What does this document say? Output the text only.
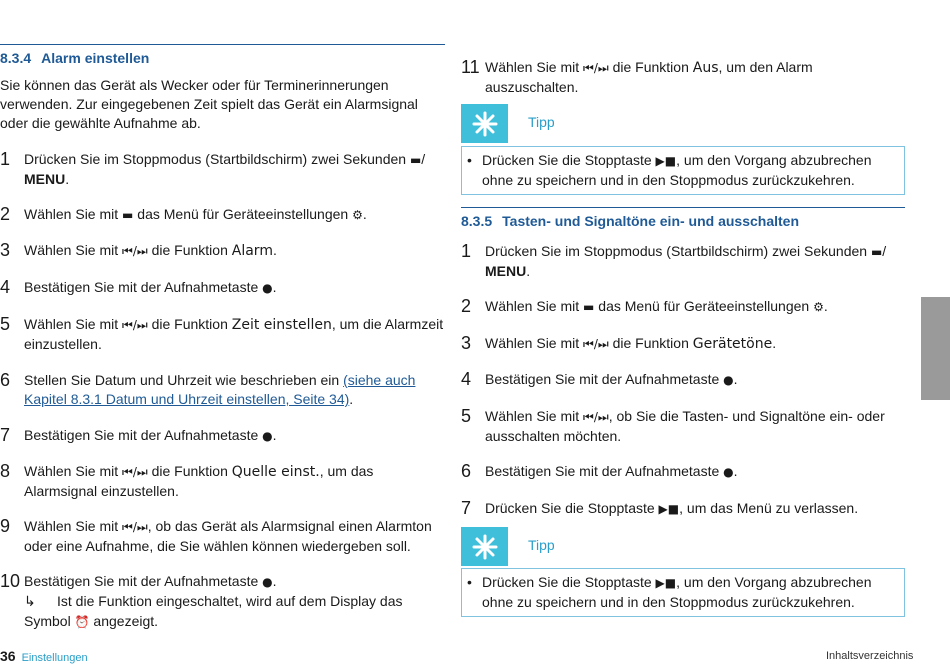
8.3.4 Alarm einstellen
Sie können das Gerät als Wecker oder für Terminerinnerungen verwenden. Zur eingegebenen Zeit spielt das Gerät ein Alarmsignal oder die gewählte Aufnahme ab.
1 Drücken Sie im Stoppmodus (Startbildschirm) zwei Sekunden ▬/ MENU.
2 Wählen Sie mit ▬ das Menü für Geräteeinstellungen ⚙.
3 Wählen Sie mit ⏮/⏭ die Funktion Alarm.
4 Bestätigen Sie mit der Aufnahmetaste ●.
5 Wählen Sie mit ⏮/⏭ die Funktion Zeit einstellen, um die Alarmzeit einzustellen.
6 Stellen Sie Datum und Uhrzeit wie beschrieben ein (siehe auch Kapitel 8.3.1 Datum und Uhrzeit einstellen, Seite 34).
7 Bestätigen Sie mit der Aufnahmetaste ●.
8 Wählen Sie mit ⏮/⏭ die Funktion Quelle einst., um das Alarmsignal einzustellen.
9 Wählen Sie mit ⏮/⏭, ob das Gerät als Alarmsignal einen Alarmton oder eine Aufnahme, die Sie wählen können wiedergeben soll.
10 Bestätigen Sie mit der Aufnahmetaste ●.
↳ Ist die Funktion eingeschaltet, wird auf dem Display das Symbol ⏰ angezeigt.
11 Wählen Sie mit ⏮/⏭ die Funktion Aus, um den Alarm auszuschalten.
Tipp
• Drücken Sie die Stopptaste ▶■, um den Vorgang abzubrechen ohne zu speichern und in den Stoppmodus zurückzukehren.
8.3.5 Tasten- und Signaltöne ein- und ausschalten
1 Drücken Sie im Stoppmodus (Startbildschirm) zwei Sekunden ▬/ MENU.
2 Wählen Sie mit ▬ das Menü für Geräteeinstellungen ⚙.
3 Wählen Sie mit ⏮/⏭ die Funktion Gerätetöne.
4 Bestätigen Sie mit der Aufnahmetaste ●.
5 Wählen Sie mit ⏮/⏭, ob Sie die Tasten- und Signaltöne ein- oder ausschalten möchten.
6 Bestätigen Sie mit der Aufnahmetaste ●.
7 Drücken Sie die Stopptaste ▶■, um das Menü zu verlassen.
Tipp
• Drücken Sie die Stopptaste ▶■, um den Vorgang abzubrechen ohne zu speichern und in den Stoppmodus zurückzukehren.
36 Einstellungen	Inhaltsverzeichnis
